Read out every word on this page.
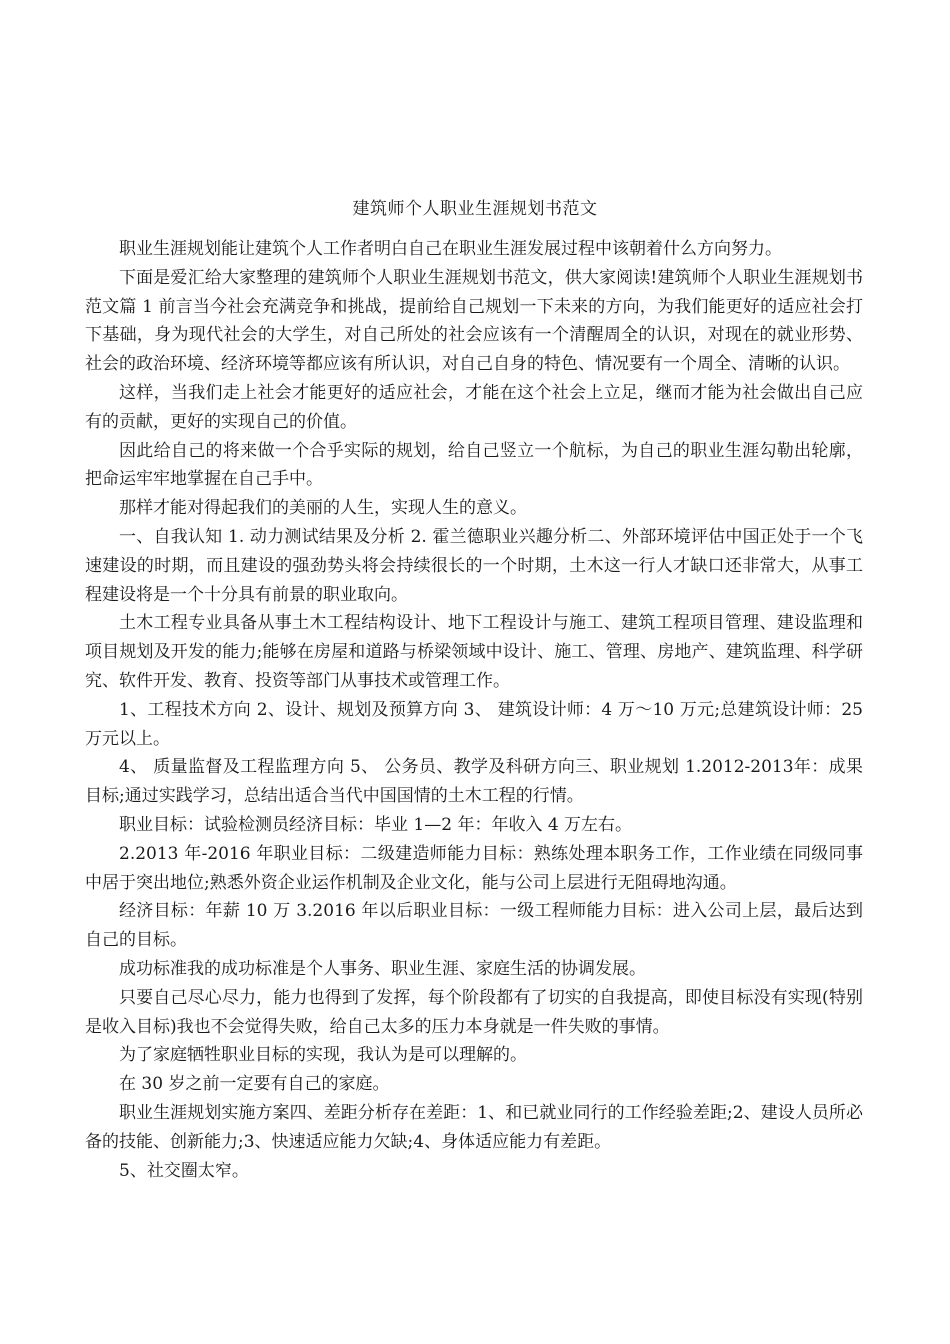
建筑师个人职业生涯规划书范文

职业生涯规划能让建筑个人工作者明白自己在职业生涯发展过程中该朝着什么方向努力。

下面是爱汇给大家整理的建筑师个人职业生涯规划书范文，供大家阅读!建筑师个人职业生涯规划书范文篇 1 前言当今社会充满竞争和挑战，提前给自己规划一下未来的方向，为我们能更好的适应社会打下基础，身为现代社会的大学生，对自己所处的社会应该有一个清醒周全的认识，对现在的就业形势、社会的政治环境、经济环境等都应该有所认识，对自己自身的特色、情况要有一个周全、清晰的认识。

这样，当我们走上社会才能更好的适应社会，才能在这个社会上立足，继而才能为社会做出自己应有的贡献，更好的实现自己的价值。

因此给自己的将来做一个合乎实际的规划，给自己竖立一个航标，为自己的职业生涯勾勒出轮廓，把命运牢牢地掌握在自己手中。

那样才能对得起我们的美丽的人生，实现人生的意义。

一、自我认知 1. 动力测试结果及分析 2. 霍兰德职业兴趣分析二、外部环境评估中国正处于一个飞速建设的时期，而且建设的强劲势头将会持续很长的一个时期，土木这一行人才缺口还非常大，从事工程建设将是一个十分具有前景的职业取向。

土木工程专业具备从事土木工程结构设计、地下工程设计与施工、建筑工程项目管理、建设监理和项目规划及开发的能力;能够在房屋和道路与桥梁领域中设计、施工、管理、房地产、建筑监理、科学研究、软件开发、教育、投资等部门从事技术或管理工作。

1、工程技术方向 2、设计、规划及预算方向 3、 建筑设计师：4 万～10 万元;总建筑设计师：25 万元以上。

4、 质量监督及工程监理方向 5、 公务员、教学及科研方向三、职业规划 1.2012-2013年：成果目标;通过实践学习，总结出适合当代中国国情的土木工程的行情。

职业目标：试验检测员经济目标：毕业 1—2 年：年收入 4 万左右。

2.2013 年-2016 年职业目标：二级建造师能力目标：熟练处理本职务工作，工作业绩在同级同事中居于突出地位;熟悉外资企业运作机制及企业文化，能与公司上层进行无阻碍地沟通。

经济目标：年薪 10 万 3.2016 年以后职业目标：一级工程师能力目标：进入公司上层，最后达到自己的目标。

成功标准我的成功标准是个人事务、职业生涯、家庭生活的协调发展。

只要自己尽心尽力，能力也得到了发挥，每个阶段都有了切实的自我提高，即使目标没有实现(特别是收入目标)我也不会觉得失败，给自己太多的压力本身就是一件失败的事情。

为了家庭牺牲职业目标的实现，我认为是可以理解的。

在 30 岁之前一定要有自己的家庭。

职业生涯规划实施方案四、差距分析存在差距：1、和已就业同行的工作经验差距;2、建设人员所必备的技能、创新能力;3、快速适应能力欠缺;4、身体适应能力有差距。

5、社交圈太窄。
